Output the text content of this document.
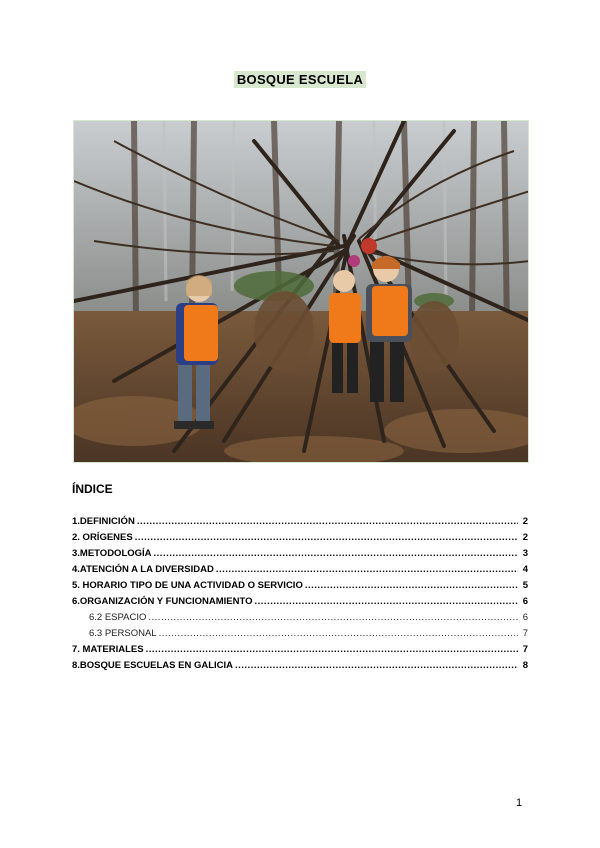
BOSQUE ESCUELA
ÍNDICE
1.DEFINICIÓN .....	2
2. ORÍGENES .....	2
3.METODOLOGÍA .....	3
4.ATENCIÓN A LA DIVERSIDAD .....	4
5. HORARIO TIPO DE UNA ACTIVIDAD O SERVICIO .....	5
6.ORGANIZACIÓN Y FUNCIONAMIENTO .....	6
6.2 ESPACIO .....	6
6.3 PERSONAL .....	7
7. MATERIALES .....	7
8.BOSQUE ESCUELAS EN GALICIA .....	8
1
